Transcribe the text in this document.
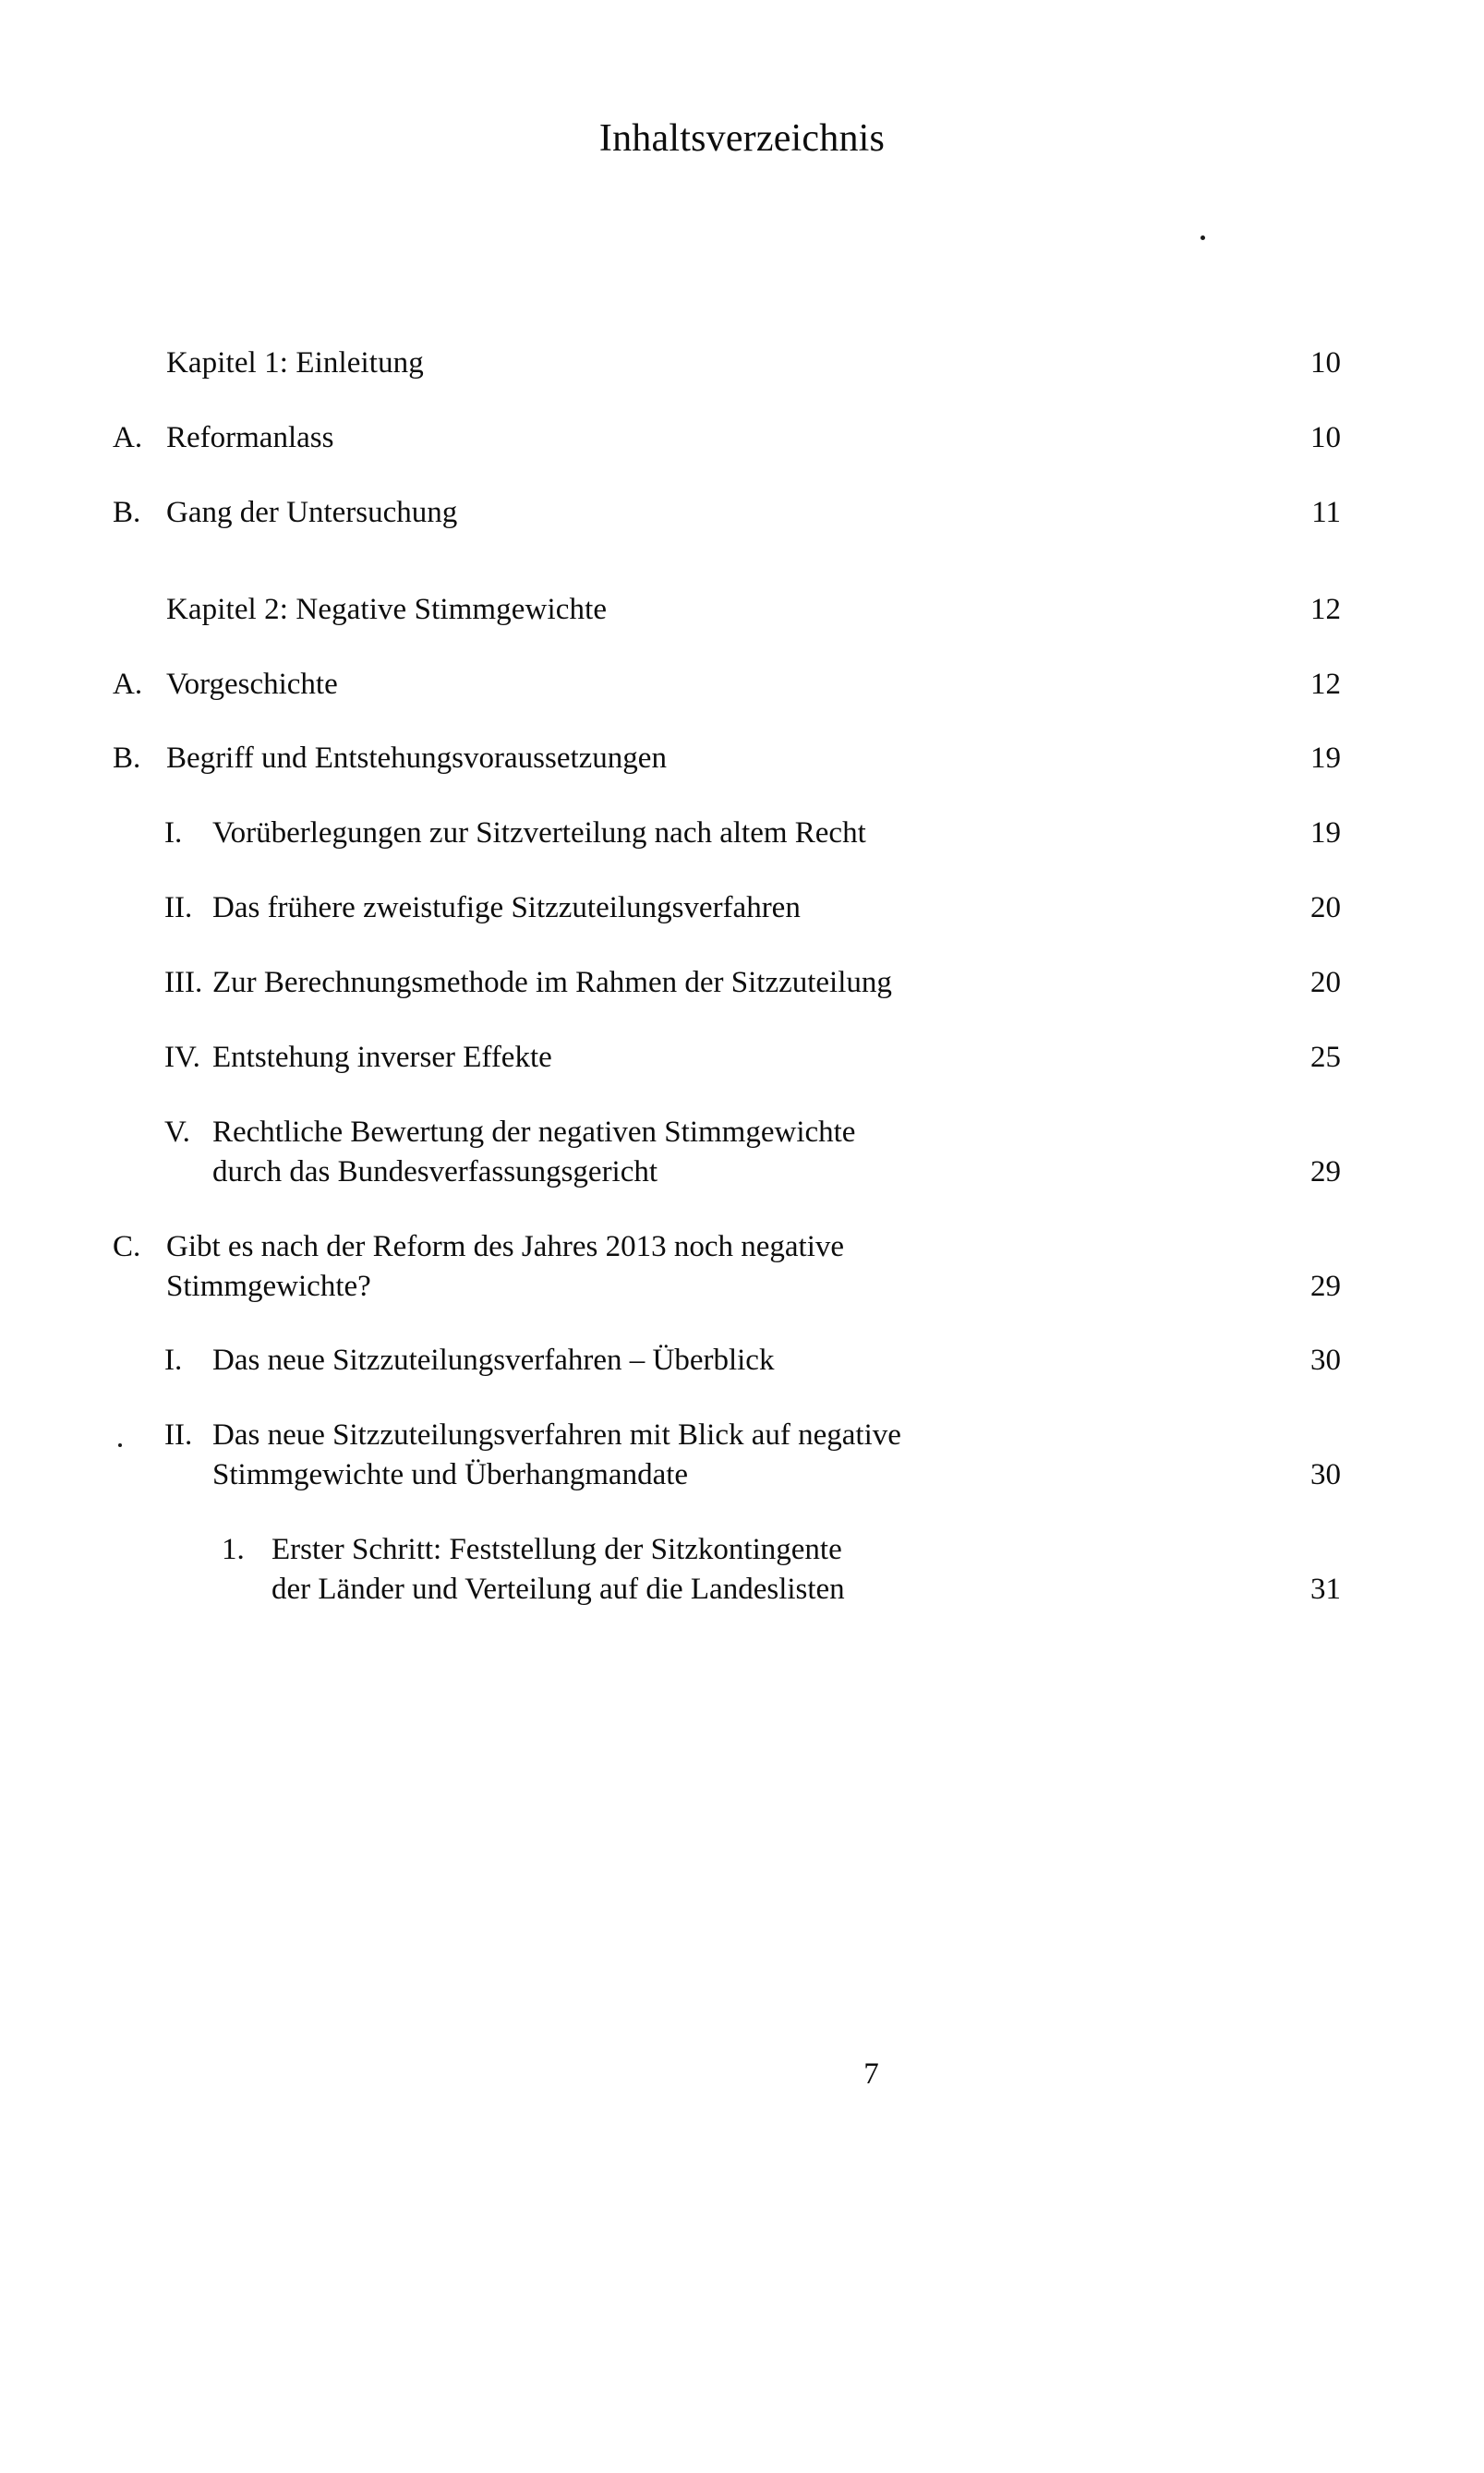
Inhaltsverzeichnis
Kapitel 1: Einleitung	10
A. Reformanlass	10
B. Gang der Untersuchung	11
Kapitel 2: Negative Stimmgewichte	12
A. Vorgeschichte	12
B. Begriff und Entstehungsvoraussetzungen	19
I. Vorüberlegungen zur Sitzverteilung nach altem Recht	19
II. Das frühere zweistufige Sitzzuteilungsverfahren	20
III. Zur Berechnungsmethode im Rahmen der Sitzzuteilung	20
IV. Entstehung inverser Effekte	25
V. Rechtliche Bewertung der negativen Stimmgewichte
durch das Bundesverfassungsgericht	29
C. Gibt es nach der Reform des Jahres 2013 noch negative
Stimmgewichte?	29
I. Das neue Sitzzuteilungsverfahren – Überblick	30
II. Das neue Sitzzuteilungsverfahren mit Blick auf negative
Stimmgewichte und Überhangmandate	30
1. Erster Schritt: Feststellung der Sitzkontingente
der Länder und Verteilung auf die Landeslisten	31
7
